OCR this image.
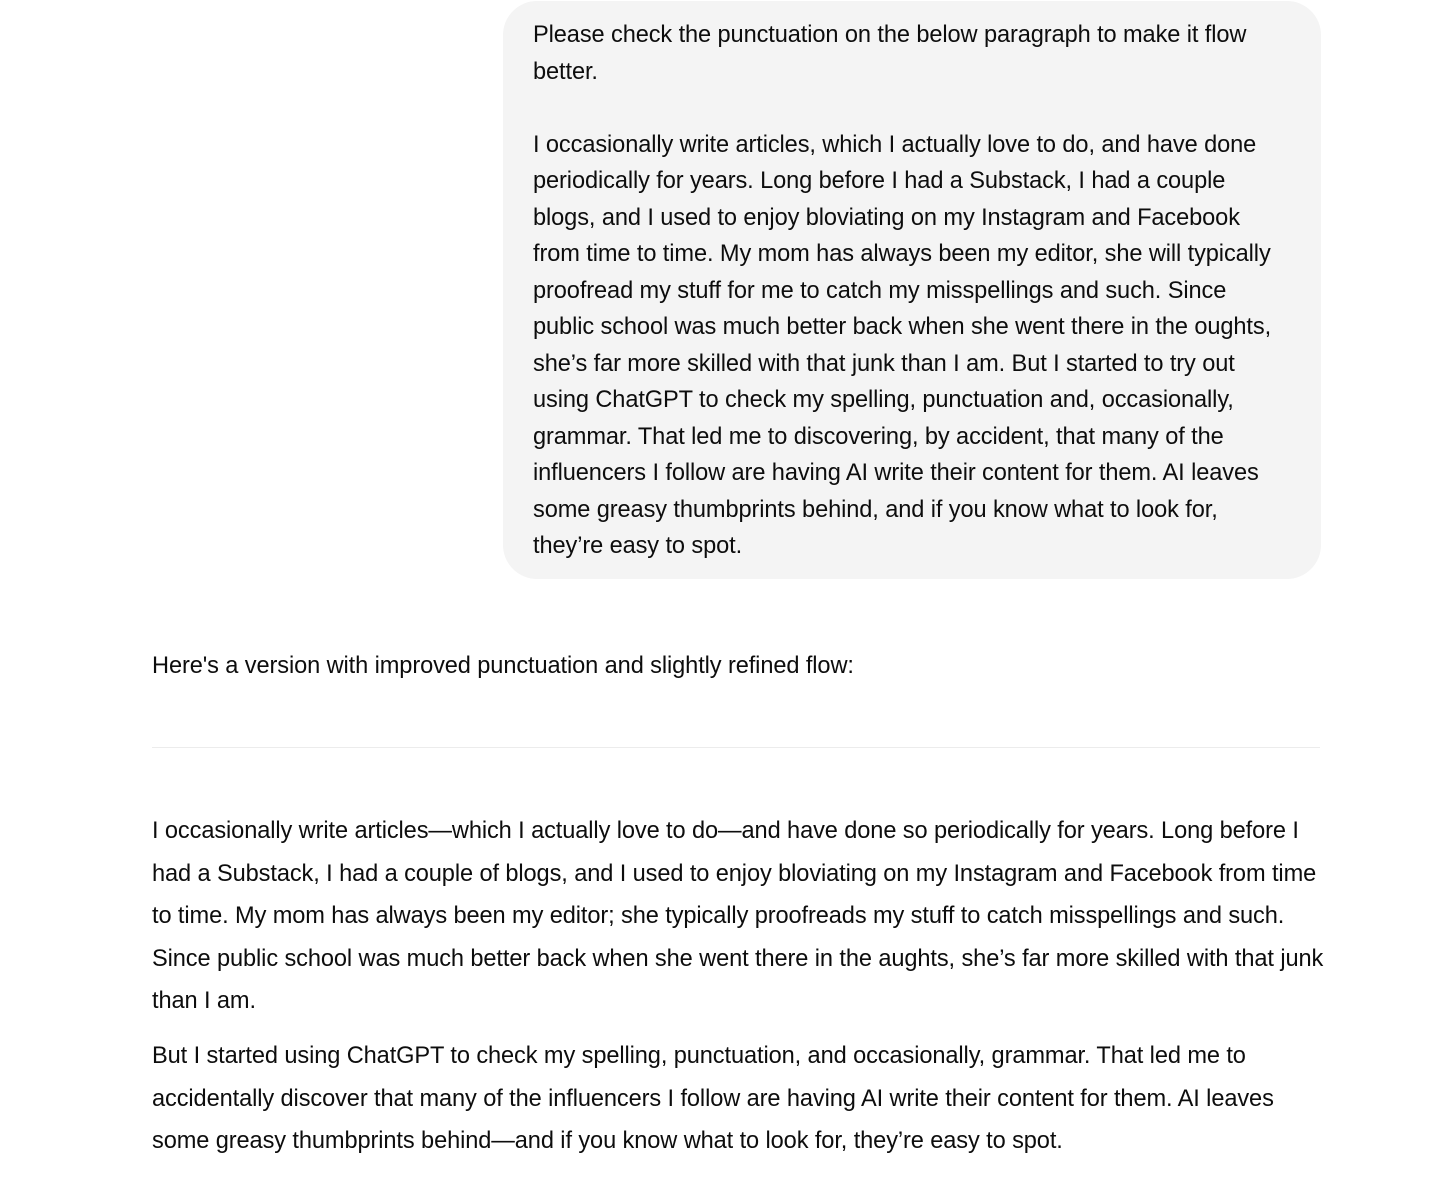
Please check the punctuation on the below paragraph to make it flow better.

I occasionally write articles, which I actually love to do, and have done periodically for years. Long before I had a Substack, I had a couple blogs, and I used to enjoy bloviating on my Instagram and Facebook from time to time. My mom has always been my editor, she will typically proofread my stuff for me to catch my misspellings and such. Since public school was much better back when she went there in the oughts, she’s far more skilled with that junk than I am. But I started to try out using ChatGPT to check my spelling, punctuation and, occasionally, grammar. That led me to discovering, by accident, that many of the influencers I follow are having AI write their content for them. AI leaves some greasy thumbprints behind, and if you know what to look for, they’re easy to spot.

Here's a version with improved punctuation and slightly refined flow:

I occasionally write articles—which I actually love to do—and have done so periodically for years. Long before I had a Substack, I had a couple of blogs, and I used to enjoy bloviating on my Instagram and Facebook from time to time. My mom has always been my editor; she typically proofreads my stuff to catch misspellings and such. Since public school was much better back when she went there in the aughts, she’s far more skilled with that junk than I am.

But I started using ChatGPT to check my spelling, punctuation, and occasionally, grammar. That led me to accidentally discover that many of the influencers I follow are having AI write their content for them. AI leaves some greasy thumbprints behind—and if you know what to look for, they’re easy to spot.
